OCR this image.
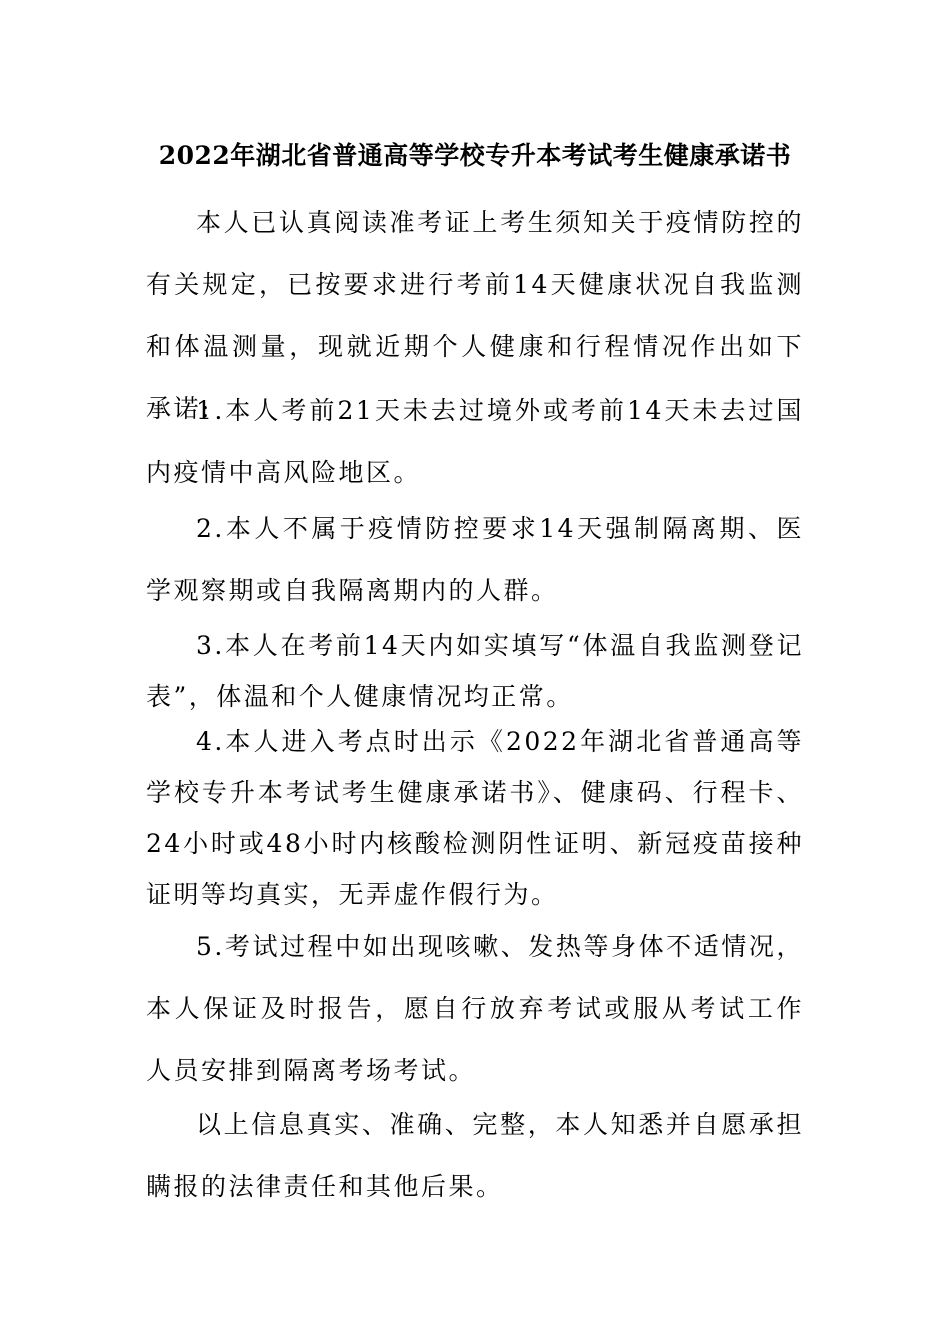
2022年湖北省普通高等学校专升本考试考生健康承诺书

本人已认真阅读准考证上考生须知关于疫情防控的有关规定，已按要求进行考前14天健康状况自我监测和体温测量，现就近期个人健康和行程情况作出如下承诺:

1.本人考前21天未去过境外或考前14天未去过国内疫情中高风险地区。

2.本人不属于疫情防控要求14天强制隔离期、医学观察期或自我隔离期内的人群。

3.本人在考前14天内如实填写“体温自我监测登记表”，体温和个人健康情况均正常。

4.本人进入考点时出示《2022年湖北省普通高等学校专升本考试考生健康承诺书》、健康码、行程卡、24小时或48小时内核酸检测阴性证明、新冠疫苗接种证明等均真实，无弄虚作假行为。

5.考试过程中如出现咳嗽、发热等身体不适情况，本人保证及时报告，愿自行放弃考试或服从考试工作人员安排到隔离考场考试。

以上信息真实、准确、完整，本人知悉并自愿承担瞒报的法律责任和其他后果。
